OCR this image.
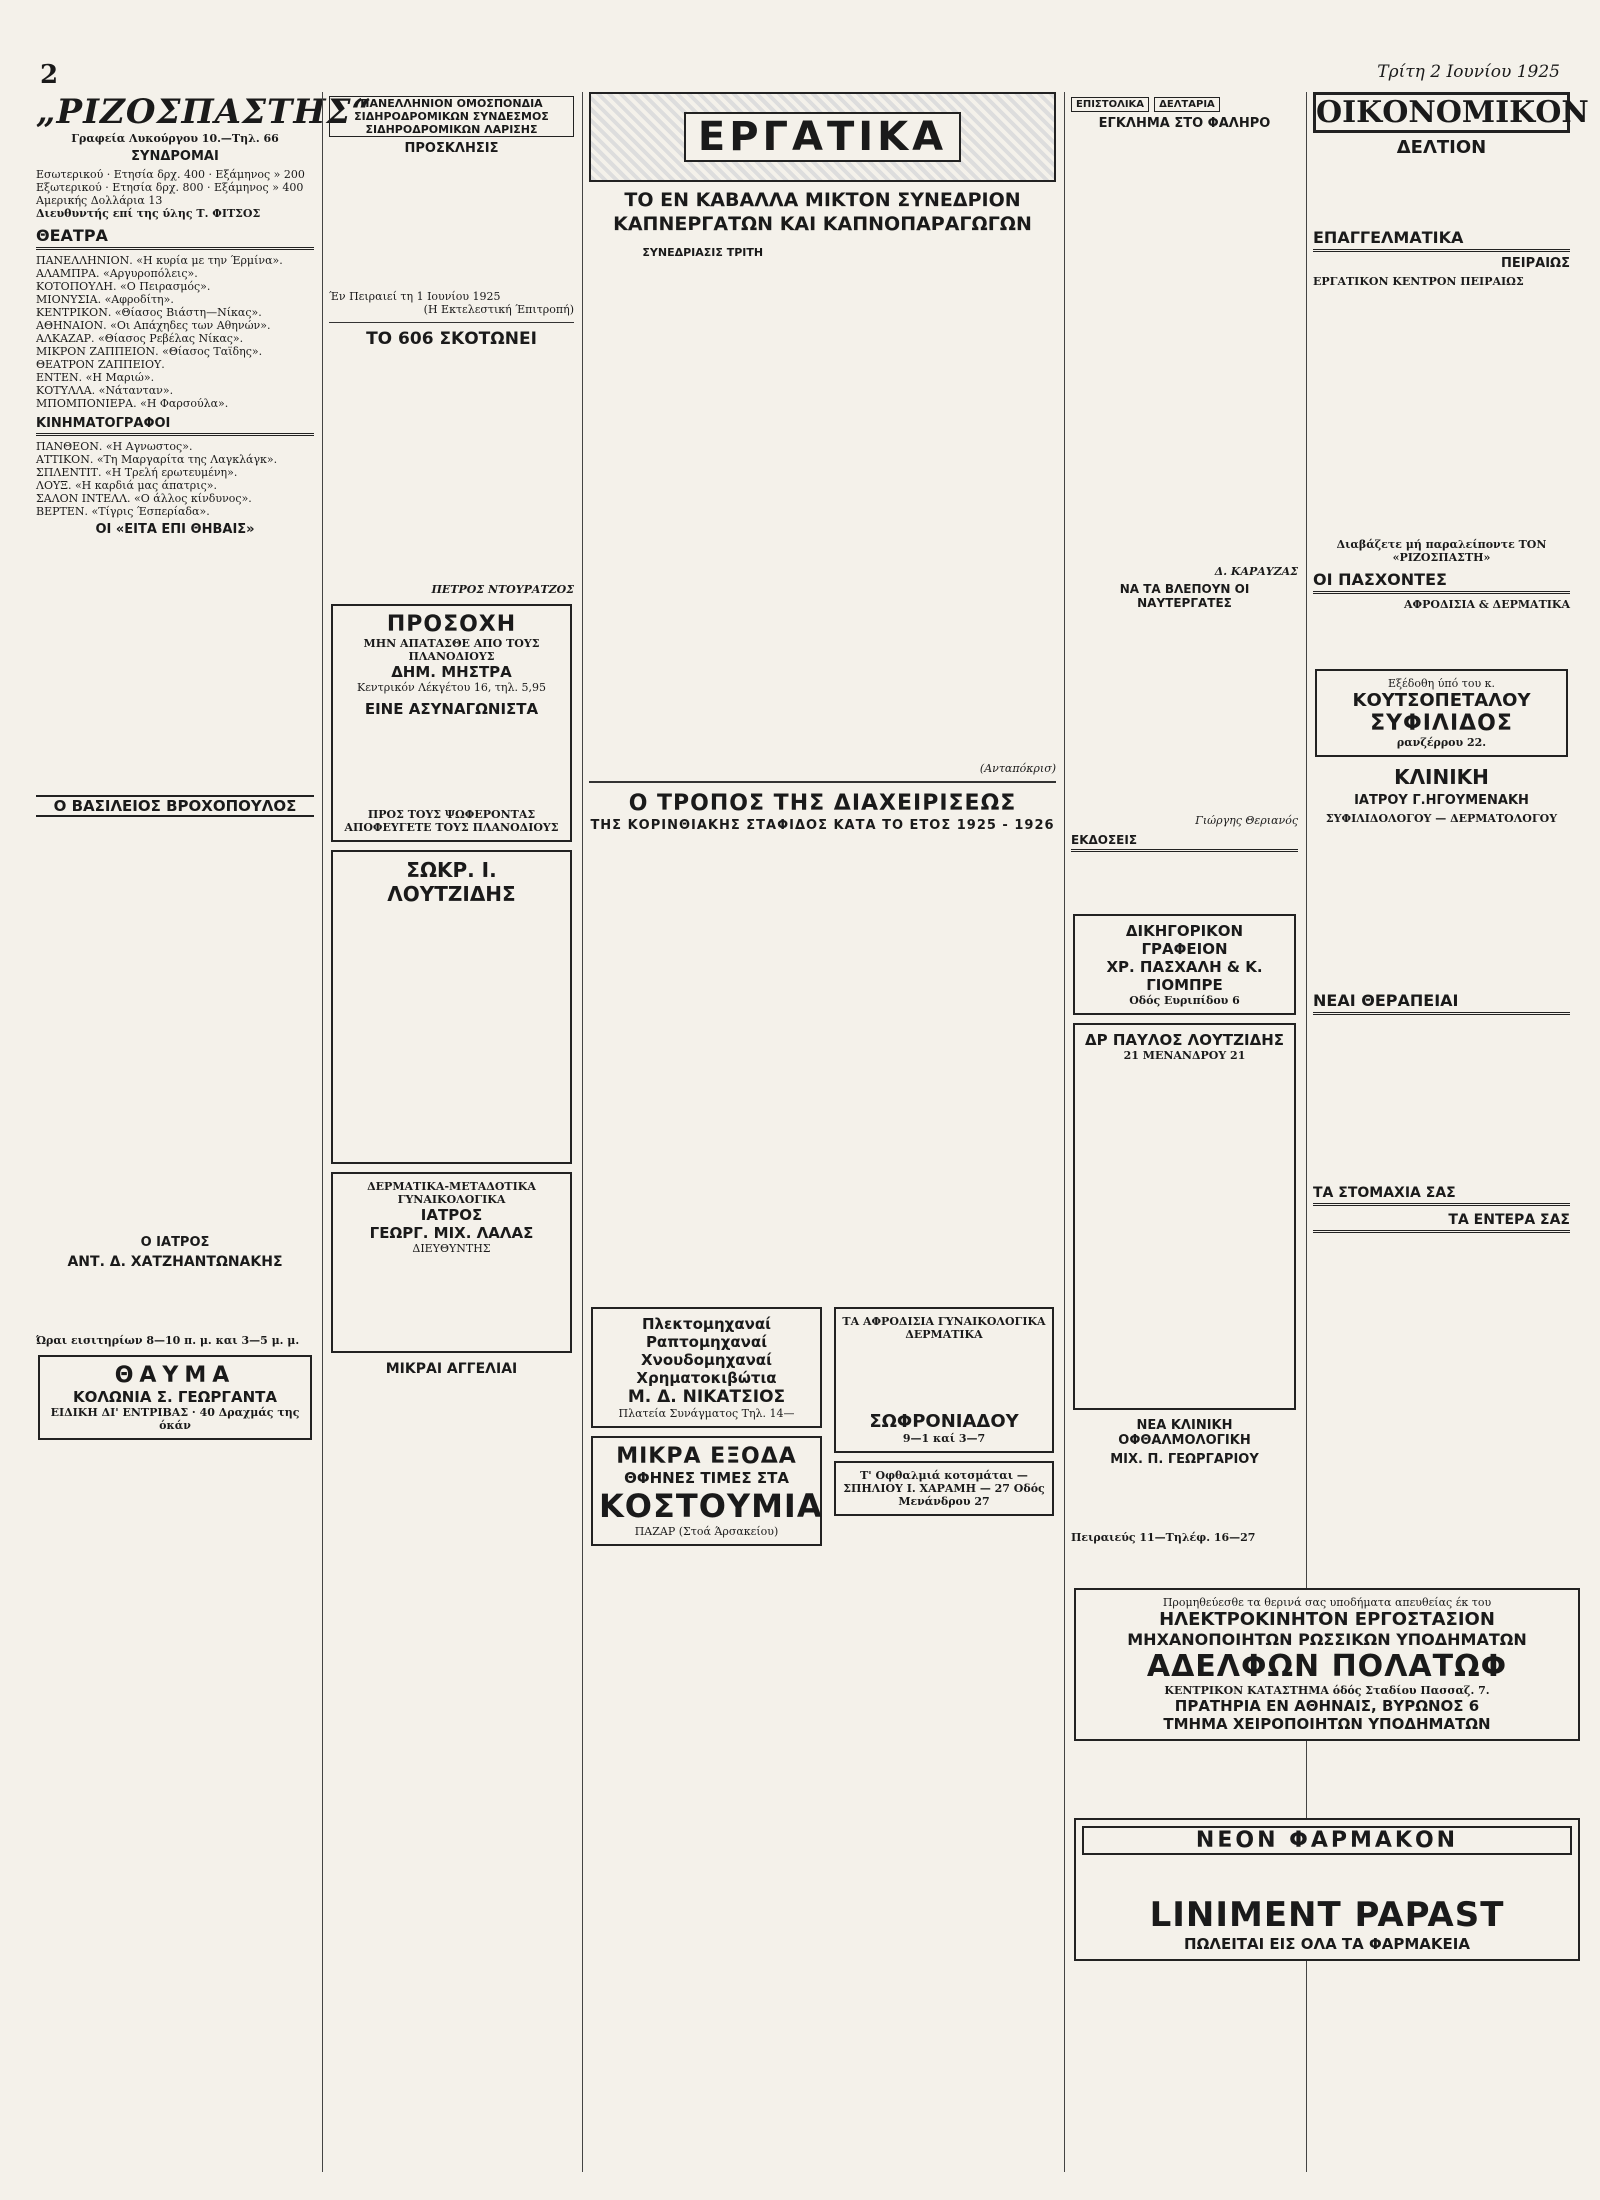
2	Τρίτη 2 Ιουνίου 1925
„ΡΙΖΟΣΠΑΣΤΗΣ“
Γραφεία Λυκούργου 10.—Τηλ. 66
ΣΥΝΔΡΟΜΑΙ
Εσωτερικού · Ετησία δρχ. 400 · Εξάμηνος » 200
Εξωτερικού · Ετησία δρχ. 800 · Εξάμηνος » 400
Αμερικής Δολλάρια 13
Διευθυντής επί της ύλης Τ. ΦΙΤΣΟΣ
ΘΕΑΤΡΑ
ΠΑΝΕΛΛΗΝΙΟΝ. «Η κυρία με την Έρμίνα».
ΑΛΑΜΠΡΑ. «Αργυροπόλεις».
ΚΟΤΟΠΟΥΛΗ. «Ο Πειρασμός».
ΜΙΟΝΥΣΙΑ. «Αφροδίτη».
ΚΕΝΤΡΙΚΟΝ. «Θίασος Βιάστη—Νίκας».
ΑΘΗΝΑΙΟΝ. «Οι Απάχηδες των Αθηνών».
ΑΛΚΑΖΑΡ. «Θίασος Ρεβέλας Νίκας».
ΜΙΚΡΟΝ ΖΑΠΠΕΙΟΝ. «Θίασος Ταϊδης».
ΘΕΑΤΡΟΝ ΖΑΠΠΕΙΟΥ.
ΕΝΤΕΝ. «Η Μαριώ».
ΚΟΤΥΛΛΑ. «Νάτανταν».
ΜΠΟΜΠΟΝΙΕΡΑ. «Η Φαρσούλα».
ΚΙΝΗΜΑΤΟΓΡΑΦΟΙ
ΠΑΝΘΕΟΝ. «Η Αγνωστος».
ΑΤΤΙΚΟΝ. «Τη Μαργαρίτα της Λαγκλάγκ».
ΣΠΛΕΝΤΙΤ. «Η Τρελή ερωτευμένη».
ΛΟΥΞ. «Η καρδιά μας άπατρις».
ΣΑΛΟΝ ΙΝΤΕΛΛ. «Ο άλλος κίνδυνος».
ΒΕΡΤΕΝ. «Τίγρις Έσπερίαδα».
ΟΙ «ΕΙΤΑ ΕΠΙ ΘΗΒΑΙΣ»
Ο ΒΑΣΙΛΕΙΟΣ ΒΡΟΧΟΠΟΥΛΟΣ
Ο ΙΑΤΡΟΣ
ΑΝΤ. Δ. ΧΑΤΖΗΑΝΤΩΝΑΚΗΣ
Ώραι εισιτηρίων 8—10 π. μ. και 3—5 μ. μ.
ΘΑΥΜΑ
ΚΟΛΩΝΙΑ Σ. ΓΕΩΡΓΑΝΤΑ
ΕΙΔΙΚΗ ΔΙ' ΕΝΤΡΙΒΑΣ · 40 Δραχμάς της όκάν
ΠΑΝΕΛΛΗΝΙΟΝ ΟΜΟΣΠΟΝΔΙΑ ΣΙΔΗΡΟΔΡΟΜΙΚΩΝ ΣΥΝΔΕΣΜΟΣ ΣΙΔΗΡΟΔΡΟΜΙΚΩΝ ΛΑΡΙΣΗΣ
ΠΡΟΣΚΛΗΣΙΣ
Έν Πειραιεί τη 1 Ιουνίου 1925
(Η Εκτελεστική Έπιτροπή)
ΤΟ 606 ΣΚΟΤΩΝΕΙ
ΠΕΤΡΟΣ ΝΤΟΥΡΑΤΖΟΣ
ΠΡΟΣΟΧΗ
ΜΗΝ ΑΠΑΤΑΣΘΕ ΑΠΟ ΤΟΥΣ ΠΛΑΝΟΔΙΟΥΣ
ΔΗΜ. ΜΗΣΤΡΑ
Κεντρικόν Λέκγέτου 16, τηλ. 5,95
ΕΙΝΕ ΑΣΥΝΑΓΩΝΙΣΤΑ
ΠΡΟΣ ΤΟΥΣ ΨΩΦΕΡΟΝΤΑΣ ΑΠΟΦΕΥΓΕΤΕ ΤΟΥΣ ΠΛΑΝΟΔΙΟΥΣ
ΣΩΚΡ. Ι. ΛΟΥΤΖΙΔΗΣ
ΔΕΡΜΑΤΙΚΑ-ΜΕΤΑΔΟΤΙΚΑ ΓΥΝΑΙΚΟΛΟΓΙΚΑ
ΙΑΤΡΟΣ
ΓΕΩΡΓ. ΜΙΧ. ΛΑΛΑΣ
ΔΙΕΥΘΥΝΤΗΣ
ΜΙΚΡΑΙ ΑΓΓΕΛΙΑΙ
ΕΡΓΑΤΙΚΑ
ΤΟ ΕΝ ΚΑΒΑΛΛΑ ΜΙΚΤΟΝ ΣΥΝΕΔΡΙΟΝ ΚΑΠΝΕΡΓΑΤΩΝ ΚΑΙ ΚΑΠΝΟΠΑΡΑΓΩΓΩΝ
ΣΥΝΕΔΡΙΑΣΙΣ ΤΡΙΤΗ
(Ανταπόκρισ)
Ο ΤΡΟΠΟΣ ΤΗΣ ΔΙΑΧΕΙΡΙΣΕΩΣ
ΤΗΣ ΚΟΡΙΝΘΙΑΚΗΣ ΣΤΑΦΙΔΟΣ ΚΑΤΑ ΤΟ ΕΤΟΣ 1925 - 1926
Πλεκτομηχαναί
Ραπτομηχαναί
Χνουδομηχαναί
Χρηματοκιβώτια
Μ. Δ. ΝΙΚΑΤΣΙΟΣ
Πλατεία Συνάγματος Τηλ. 14—
ΜΙΚΡΑ ΕΞΟΔΑ
ΘΦΗΝΕΣ ΤΙΜΕΣ ΣΤΑ
ΚΟΣΤΟΥΜΙΑ
ΠΑΖΑΡ (Στοά Άρσακείου)
ΤΑ ΑΦΡΟΔΙΣΙΑ ΓΥΝΑΙΚΟΛΟΓΙΚΑ ΔΕΡΜΑΤΙΚΑ
ΣΩΦΡΟΝΙΑΔΟΥ
9—1 καί 3—7
Τ' Οφθαλμιά κοτσμάται — ΣΠΗΛΙΟΥ Ι. ΧΑΡΑΜΗ — 27 Οδός Μενάνδρου 27
ΕΠΙΣΤΟΛΙΚΑ ΔΕΛΤΑΡΙΑ
ΕΓΚΛΗΜΑ ΣΤΟ ΦΑΛΗΡΟ
Δ. ΚΑΡΑΥΖΑΣ
ΝΑ ΤΑ ΒΛΕΠΟΥΝ ΟΙ ΝΑΥΤΕΡΓΑΤΕΣ
Γιώργης Θεριανός
ΕΚΔΟΣΕΙΣ
ΔΙΚΗΓΟΡΙΚΟΝ ΓΡΑΦΕΙΟΝ
ΧΡ. ΠΑΣΧΑΛΗ & Κ. ΓΙΟΜΠΡΕ
Οδός Ευριπίδου 6
ΔΡ ΠΑΥΛΟΣ ΛΟΥΤΖΙΔΗΣ
21 ΜΕΝΑΝΔΡΟΥ 21
ΝΕΑ ΚΛΙΝΙΚΗ ΟΦΘΑΛΜΟΛΟΓΙΚΗ
ΜΙΧ. Π. ΓΕΩΡΓΑΡΙΟΥ
Πειραιεύς 11—Τηλέφ. 16—27
ΟΙΚΟΝΟΜΙΚΟΝ
ΔΕΛΤΙΟΝ
ΕΠΑΓΓΕΛΜΑΤΙΚΑ
ΠΕΙΡΑΙΩΣ
ΕΡΓΑΤΙΚΟΝ ΚΕΝΤΡΟΝ ΠΕΙΡΑΙΩΣ
Διαβάζετε μή παραλείποντε ΤΟΝ «ΡΙΖΟΣΠΑΣΤΗ»
ΟΙ ΠΑΣΧΟΝΤΕΣ
ΑΦΡΟΔΙΣΙΑ & ΔΕΡΜΑΤΙΚΑ
Εξέδοθη ύπό του κ.
ΚΟΥΤΣΟΠΕΤΑΛΟΥ
ΣΥΦΙΛΙΔΟΣ
ρανζέρρου 22.
ΚΛΙΝΙΚΗ
ΙΑΤΡΟΥ Γ.ΗΓΟΥΜΕΝΑΚΗ
ΣΥΦΙΛΙΔΟΛΟΓΟΥ — ΔΕΡΜΑΤΟΛΟΓΟΥ
ΝΕΑΙ ΘΕΡΑΠΕΙΑΙ
ΤΑ ΣΤΟΜΑΧΙΑ ΣΑΣ
ΤΑ ΕΝΤΕΡΑ ΣΑΣ
Προμηθεύεσθε τα θερινά σας υποδήματα απευθείας έκ του
ΗΛΕΚΤΡΟΚΙΝΗΤΟΝ ΕΡΓΟΣΤΑΣΙΟΝ
ΜΗΧΑΝΟΠΟΙΗΤΩΝ ΡΩΣΣΙΚΩΝ ΥΠΟΔΗΜΑΤΩΝ
ΑΔΕΛΦΩΝ ΠΟΛΑΤΩΦ
ΚΕΝΤΡΙΚΟΝ ΚΑΤΑΣΤΗΜΑ όδός Σταδίου Πασσαζ. 7.
ΠΡΑΤΗΡΙΑ ΕΝ ΑΘΗΝΑΙΣ, ΒΥΡΩΝΟΣ 6
ΤΜΗΜΑ ΧΕΙΡΟΠΟΙΗΤΩΝ ΥΠΟΔΗΜΑΤΩΝ
ΝΕΟΝ ΦΑΡΜΑΚΟΝ
LINIMENT PAPAST
ΠΩΛΕΙΤΑΙ ΕΙΣ ΟΛΑ ΤΑ ΦΑΡΜΑΚΕΙΑ
